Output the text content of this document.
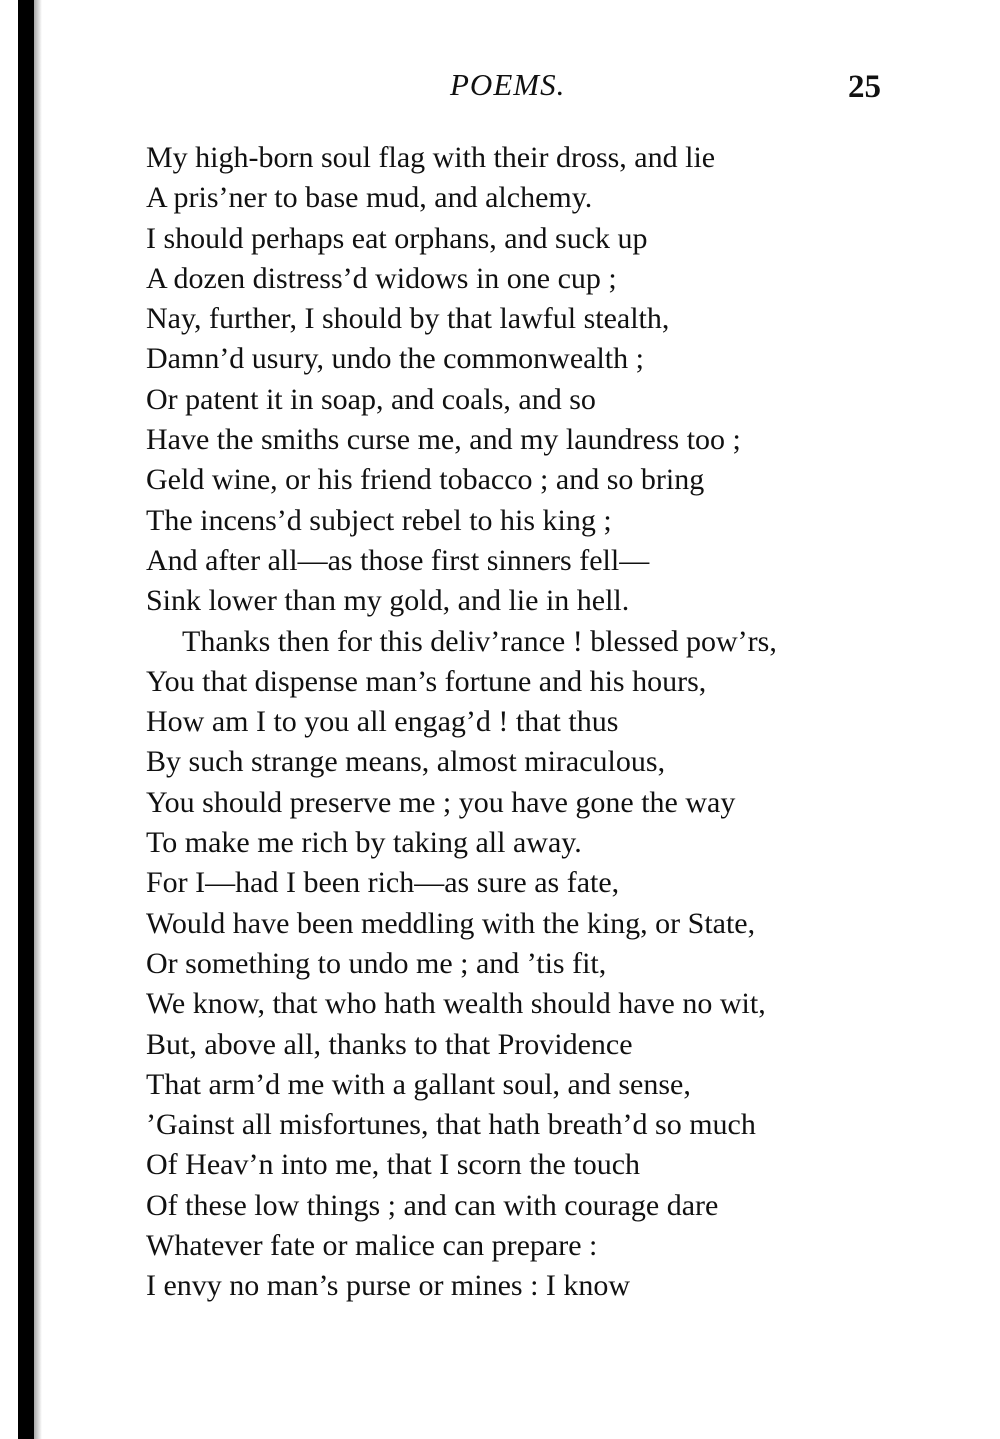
POEMS.	25
My high-born soul flag with their dross, and lie
A pris’ner to base mud, and alchemy.
I should perhaps eat orphans, and suck up
A dozen distress’d widows in one cup ;
Nay, further, I should by that lawful stealth,
Damn’d usury, undo the commonwealth ;
Or patent it in soap, and coals, and so
Have the smiths curse me, and my laundress too ;
Geld wine, or his friend tobacco ; and so bring
The incens’d subject rebel to his king ;
And after all—as those first sinners fell—
Sink lower than my gold, and lie in hell.
Thanks then for this deliv’rance ! blessed pow’rs,
You that dispense man’s fortune and his hours,
How am I to you all engag’d ! that thus
By such strange means, almost miraculous,
You should preserve me ; you have gone the way
To make me rich by taking all away.
For I—had I been rich—as sure as fate,
Would have been meddling with the king, or State,
Or something to undo me ; and ’tis fit,
We know, that who hath wealth should have no wit,
But, above all, thanks to that Providence
That arm’d me with a gallant soul, and sense,
’Gainst all misfortunes, that hath breath’d so much
Of Heav’n into me, that I scorn the touch
Of these low things ; and can with courage dare
Whatever fate or malice can prepare :
I envy no man’s purse or mines : I know
